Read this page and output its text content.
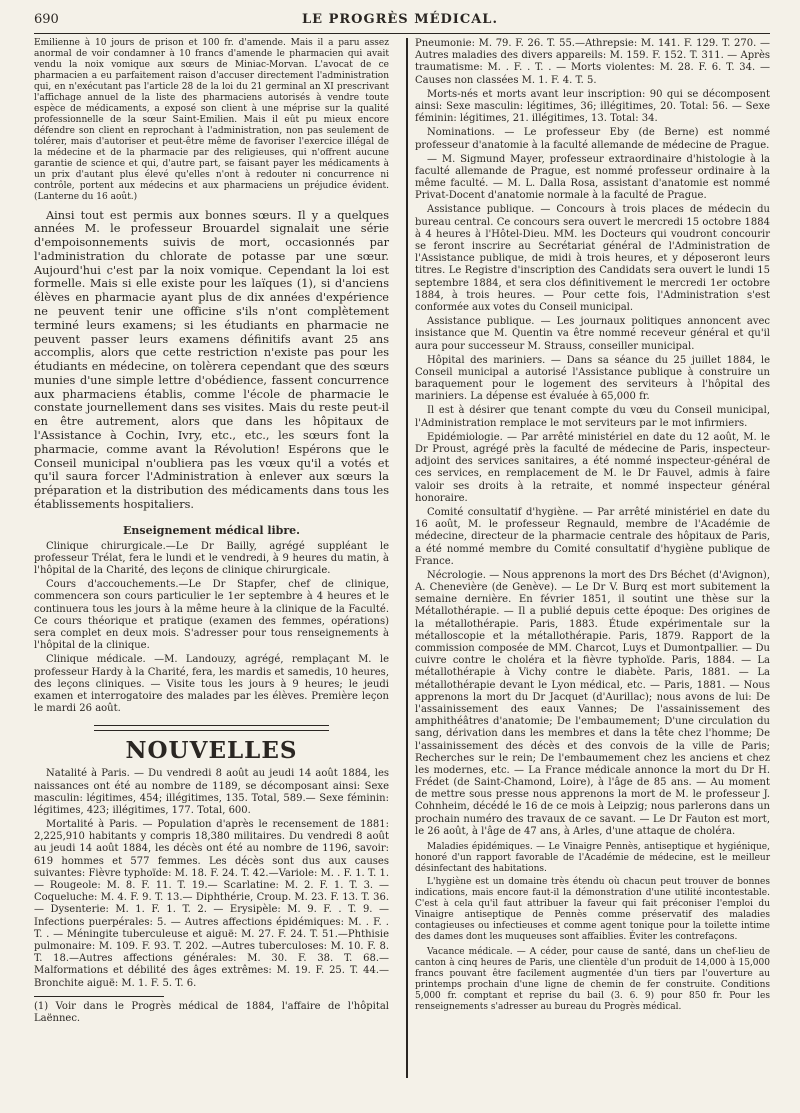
690	LE PROGRÈS MÉDICAL.

Emilienne à 10 jours de prison et 100 fr. d'amende. Mais il a paru assez anormal de voir condamner à 10 francs d'amende le pharmacien qui avait vendu la noix vomique aux sœurs de Miniac-Morvan. L'avocat de ce pharmacien a eu parfaitement raison d'accuser directement l'administration qui, en n'exécutant pas l'article 28 de la loi du 21 germinal an XI prescrivant l'affichage annuel de la liste des pharmaciens autorisés à vendre toute espèce de médicaments, a exposé son client à une méprise sur la qualité professionnelle de la sœur Saint-Emilien. Mais il eût pu mieux encore défendre son client en reprochant à l'administration, non pas seulement de tolérer, mais d'autoriser et peut-être même de favoriser l'exercice illégal de la médecine et de la pharmacie par des religieuses, qui n'offrent aucune garantie de science et qui, d'autre part, se faisant payer les médicaments à un prix d'autant plus élevé qu'elles n'ont à redouter ni concurrence ni contrôle, portent aux médecins et aux pharmaciens un préjudice évident. (Lanterne du 16 août.)

Ainsi tout est permis aux bonnes sœurs. Il y a quelques années M. le professeur Brouardel signalait une série d'empoisonnements suivis de mort, occasionnés par l'administration du chlorate de potasse par une sœur. Aujourd'hui c'est par la noix vomique. Cependant la loi est formelle. Mais si elle existe pour les laïques (1), si d'anciens élèves en pharmacie ayant plus de dix années d'expérience ne peuvent tenir une officine s'ils n'ont complètement terminé leurs examens; si les étudiants en pharmacie ne peuvent passer leurs examens définitifs avant 25 ans accomplis, alors que cette restriction n'existe pas pour les étudiants en médecine, on tolèrera cependant que des sœurs munies d'une simple lettre d'obédience, fassent concurrence aux pharmaciens établis, comme l'école de pharmacie le constate journellement dans ses visites. Mais du reste peut-il en être autrement, alors que dans les hôpitaux de l'Assistance à Cochin, Ivry, etc., etc., les sœurs font la pharmacie, comme avant la Révolution! Espérons que le Conseil municipal n'oubliera pas les vœux qu'il a votés et qu'il saura forcer l'Administration à enlever aux sœurs la préparation et la distribution des médicaments dans tous les établissements hospitaliers.

Enseignement médical libre.

Clinique chirurgicale.—Le Dr Bailly, agrégé suppléant le professeur Trélat, fera le lundi et le vendredi, à 9 heures du matin, à l'hôpital de la Charité, des leçons de clinique chirurgicale.

Cours d'accouchements.—Le Dr Stapfer, chef de clinique, commencera son cours particulier le 1er septembre à 4 heures et le continuera tous les jours à la même heure à la clinique de la Faculté. Ce cours théorique et pratique (examen des femmes, opérations) sera complet en deux mois. S'adresser pour tous renseignements à l'hôpital de la clinique.

Clinique médicale. —M. Landouzy, agrégé, remplaçant M. le professeur Hardy à la Charité, fera, les mardis et samedis, 10 heures, des leçons cliniques. — Visite tous les jours à 9 heures; le jeudi examen et interrogatoire des malades par les élèves. Première leçon le mardi 26 août.

NOUVELLES

Natalité à Paris. — Du vendredi 8 août au jeudi 14 août 1884, les naissances ont été au nombre de 1189, se décomposant ainsi: Sexe masculin: légitimes, 454; illégitimes, 135. Total, 589.— Sexe féminin: légitimes, 423; illégitimes, 177. Total, 600.

Mortalité à Paris. — Population d'après le recensement de 1881: 2,225,910 habitants y compris 18,380 militaires. Du vendredi 8 août au jeudi 14 août 1884, les décès ont été au nombre de 1196, savoir: 619 hommes et 577 femmes. Les décès sont dus aux causes suivantes: Fièvre typhoïde: M. 18. F. 24. T. 42.—Variole: M. . F. 1. T. 1. — Rougeole: M. 8. F. 11. T. 19.— Scarlatine: M. 2. F. 1. T. 3. — Coqueluche: M. 4. F. 9. T. 13.— Diphthérie, Croup. M. 23. F. 13. T. 36. — Dysenterie: M. 1. F. 1. T. 2. — Erysipèle: M. 9. F. . T. 9. — Infections puerpérales: 5. — Autres affections épidémiques: M. . F. . T. . — Méningite tuberculeuse et aiguë: M. 27. F. 24. T. 51.—Phthisie pulmonaire: M. 109. F. 93. T. 202. —Autres tuberculoses: M. 10. F. 8. T. 18.—Autres affections générales: M. 30. F. 38. T. 68.— Malformations et débilité des âges extrêmes: M. 19. F. 25. T. 44.—Bronchite aiguë: M. 1. F. 5. T. 6.

(1) Voir dans le Progrès médical de 1884, l'affaire de l'hôpital Laënnec.

Pneumonie: M. 79. F. 26. T. 55.—Athrepsie: M. 141. F. 129. T. 270. — Autres maladies des divers appareils: M. 159. F. 152. T. 311. — Après traumatisme: M. . F. . T. . — Morts violentes: M. 28. F. 6. T. 34. — Causes non classées M. 1. F. 4. T. 5.

Morts-nés et morts avant leur inscription: 90 qui se décomposent ainsi: Sexe masculin: légitimes, 36; illégitimes, 20. Total: 56. — Sexe féminin: légitimes, 21. illégitimes, 13. Total: 34.

Nominations. — Le professeur Eby (de Berne) est nommé professeur d'anatomie à la faculté allemande de médecine de Prague.

— M. Sigmund Mayer, professeur extraordinaire d'histologie à la faculté allemande de Prague, est nommé professeur ordinaire à la même faculté. — M. L. Dalla Rosa, assistant d'anatomie est nommé Privat-Docent d'anatomie normale à la faculté de Prague.

Assistance publique. — Concours à trois places de médecin du bureau central. Ce concours sera ouvert le mercredi 15 octobre 1884 à 4 heures à l'Hôtel-Dieu. MM. les Docteurs qui voudront concourir se feront inscrire au Secrétariat général de l'Administration de l'Assistance publique, de midi à trois heures, et y déposeront leurs titres. Le Registre d'inscription des Candidats sera ouvert le lundi 15 septembre 1884, et sera clos définitivement le mercredi 1er octobre 1884, à trois heures. — Pour cette fois, l'Administration s'est conformée aux votes du Conseil municipal.

Assistance publique. — Les journaux politiques annoncent avec insistance que M. Quentin va être nommé receveur général et qu'il aura pour successeur M. Strauss, conseiller municipal.

Hôpital des mariniers. — Dans sa séance du 25 juillet 1884, le Conseil municipal a autorisé l'Assistance publique à construire un baraquement pour le logement des serviteurs à l'hôpital des mariniers. La dépense est évaluée à 65,000 fr.

Il est à désirer que tenant compte du vœu du Conseil municipal, l'Administration remplace le mot serviteurs par le mot infirmiers.

Epidémiologie. — Par arrêté ministériel en date du 12 août, M. le Dr Proust, agrégé près la faculté de médecine de Paris, inspecteur-adjoint des services sanitaires, a été nommé inspecteur-général de ces services, en remplacement de M. le Dr Fauvel, admis à faire valoir ses droits à la retraite, et nommé inspecteur général honoraire.

Comité consultatif d'hygiène. — Par arrêté ministériel en date du 16 août, M. le professeur Regnauld, membre de l'Académie de médecine, directeur de la pharmacie centrale des hôpitaux de Paris, a été nommé membre du Comité consultatif d'hygiène publique de France.

Nécrologie. — Nous apprenons la mort des Drs Béchet (d'Avignon), A. Chenevière (de Genève). — Le Dr V. Burq est mort subitement la semaine dernière. En février 1851, il soutint une thèse sur la Métallothérapie. — Il a publié depuis cette époque: Des origines de la métallothérapie. Paris, 1883. Étude expérimentale sur la métalloscopie et la métallothérapie. Paris, 1879. Rapport de la commission composée de MM. Charcot, Luys et Dumontpallier. — Du cuivre contre le choléra et la fièvre typhoïde. Paris, 1884. — La métallothérapie à Vichy contre le diabète. Paris, 1881. — La métallothérapie devant le Lyon médical, etc. — Paris, 1881. — Nous apprenons la mort du Dr Jacquet (d'Aurillac); nous avons de lui: De l'assainissement des eaux Vannes; De l'assainissement des amphithéâtres d'anatomie; De l'embaumement; D'une circulation du sang, dérivation dans les membres et dans la tête chez l'homme; De l'assainissement des décès et des convois de la ville de Paris; Recherches sur le rein; De l'embaumement chez les anciens et chez les modernes, etc. — La France médicale annonce la mort du Dr H. Frédet (de Saint-Chamond, Loire), à l'âge de 85 ans. — Au moment de mettre sous presse nous apprenons la mort de M. le professeur J. Cohnheim, décédé le 16 de ce mois à Leipzig; nous parlerons dans un prochain numéro des travaux de ce savant. — Le Dr Fauton est mort, le 26 août, à l'âge de 47 ans, à Arles, d'une attaque de choléra.

Maladies épidémiques. — Le Vinaigre Pennès, antiseptique et hygiénique, honoré d'un rapport favorable de l'Académie de médecine, est le meilleur désinfectant des habitations.

L'hygiène est un domaine très étendu où chacun peut trouver de bonnes indications, mais encore faut-il la démonstration d'une utilité incontestable. C'est à cela qu'il faut attribuer la faveur qui fait préconiser l'emploi du Vinaigre antiseptique de Pennès comme préservatif des maladies contagieuses ou infectieuses et comme agent tonique pour la toilette intime des dames dont les muqueuses sont affaiblies. Éviter les contrefaçons.

Vacance médicale. — A céder, pour cause de santé, dans un chef-lieu de canton à cinq heures de Paris, une clientèle d'un produit de 14,000 à 15,000 francs pouvant être facilement augmentée d'un tiers par l'ouverture au printemps prochain d'une ligne de chemin de fer construite. Conditions 5,000 fr. comptant et reprise du bail (3. 6. 9) pour 850 fr. Pour les renseignements s'adresser au bureau du Progrès médical.
